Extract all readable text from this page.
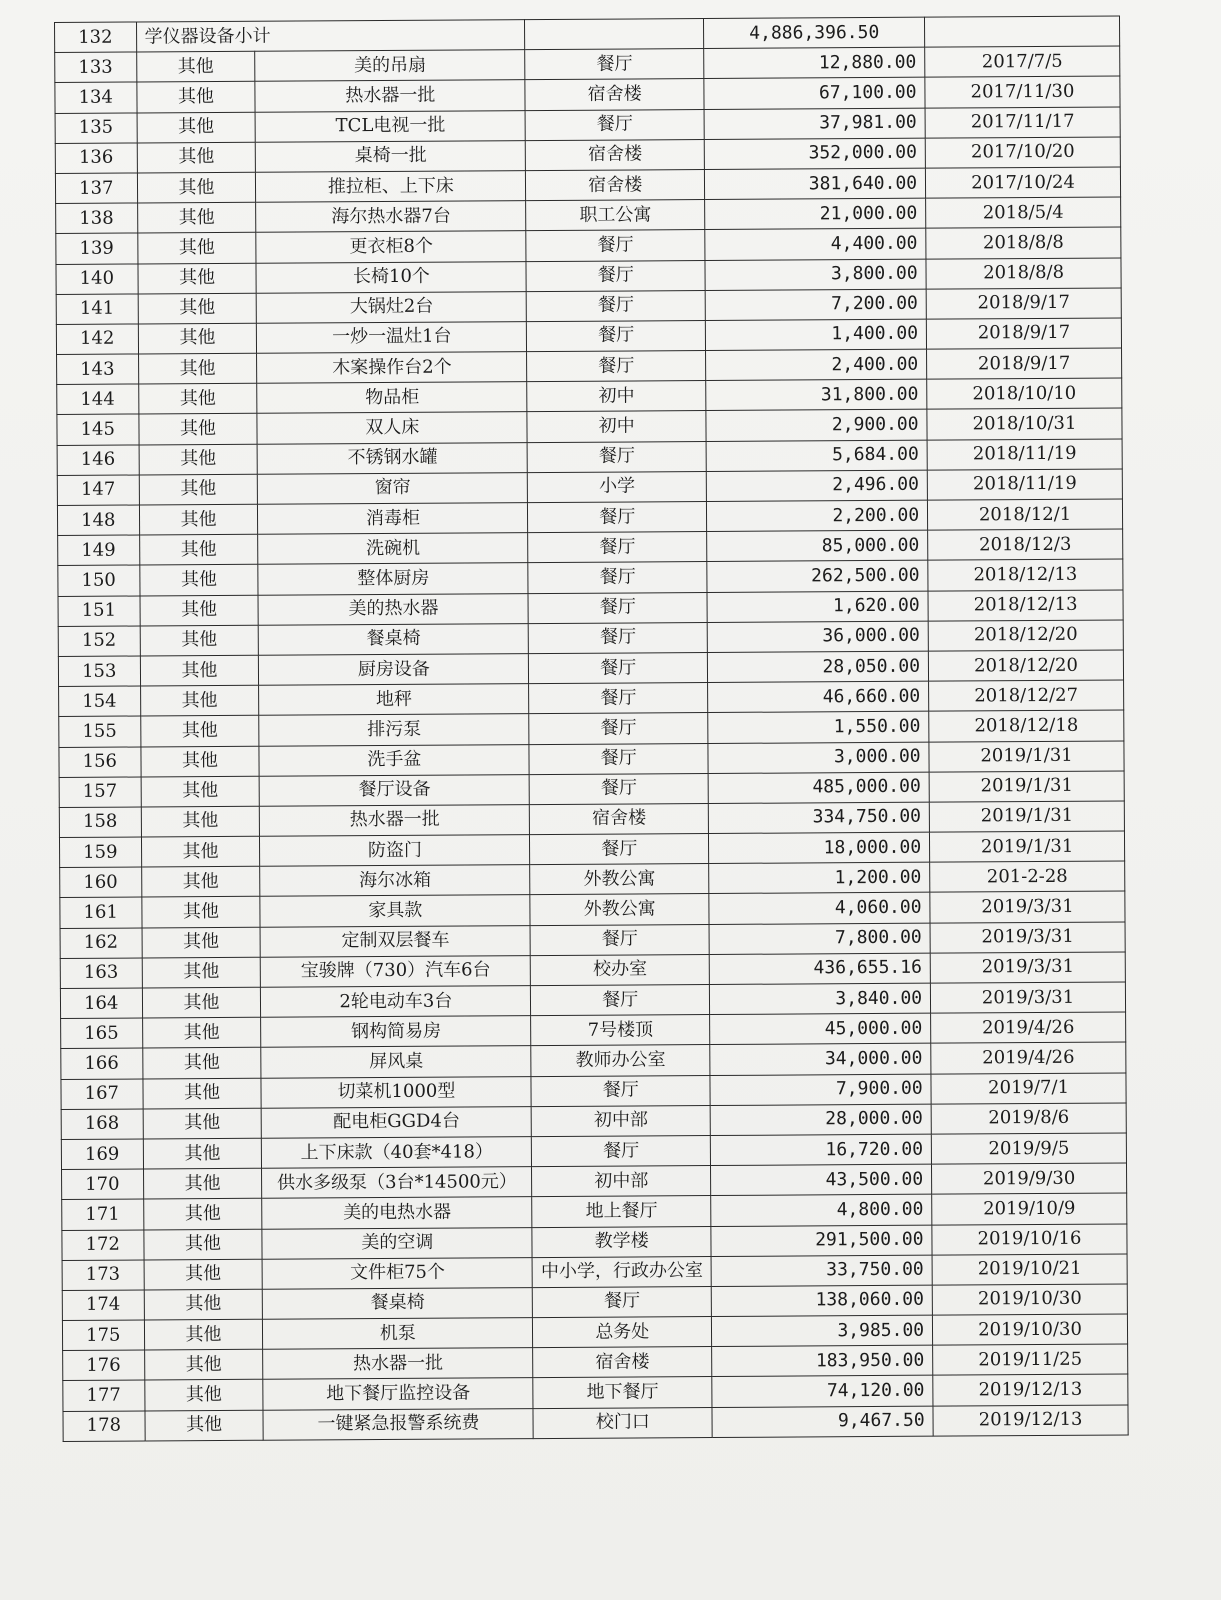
132	学仪器设备小计			4,886,396.50	
133	其他	美的吊扇	餐厅	12,880.00	2017/7/5
134	其他	热水器一批	宿舍楼	67,100.00	2017/11/30
135	其他	TCL电视一批	餐厅	37,981.00	2017/11/17
136	其他	桌椅一批	宿舍楼	352,000.00	2017/10/20
137	其他	推拉柜、上下床	宿舍楼	381,640.00	2017/10/24
138	其他	海尔热水器7台	职工公寓	21,000.00	2018/5/4
139	其他	更衣柜8个	餐厅	4,400.00	2018/8/8
140	其他	长椅10个	餐厅	3,800.00	2018/8/8
141	其他	大锅灶2台	餐厅	7,200.00	2018/9/17
142	其他	一炒一温灶1台	餐厅	1,400.00	2018/9/17
143	其他	木案操作台2个	餐厅	2,400.00	2018/9/17
144	其他	物品柜	初中	31,800.00	2018/10/10
145	其他	双人床	初中	2,900.00	2018/10/31
146	其他	不锈钢水罐	餐厅	5,684.00	2018/11/19
147	其他	窗帘	小学	2,496.00	2018/11/19
148	其他	消毒柜	餐厅	2,200.00	2018/12/1
149	其他	洗碗机	餐厅	85,000.00	2018/12/3
150	其他	整体厨房	餐厅	262,500.00	2018/12/13
151	其他	美的热水器	餐厅	1,620.00	2018/12/13
152	其他	餐桌椅	餐厅	36,000.00	2018/12/20
153	其他	厨房设备	餐厅	28,050.00	2018/12/20
154	其他	地秤	餐厅	46,660.00	2018/12/27
155	其他	排污泵	餐厅	1,550.00	2018/12/18
156	其他	洗手盆	餐厅	3,000.00	2019/1/31
157	其他	餐厅设备	餐厅	485,000.00	2019/1/31
158	其他	热水器一批	宿舍楼	334,750.00	2019/1/31
159	其他	防盗门	餐厅	18,000.00	2019/1/31
160	其他	海尔冰箱	外教公寓	1,200.00	201-2-28
161	其他	家具款	外教公寓	4,060.00	2019/3/31
162	其他	定制双层餐车	餐厅	7,800.00	2019/3/31
163	其他	宝骏牌（730）汽车6台	校办室	436,655.16	2019/3/31
164	其他	2轮电动车3台	餐厅	3,840.00	2019/3/31
165	其他	钢构简易房	7号楼顶	45,000.00	2019/4/26
166	其他	屏风桌	教师办公室	34,000.00	2019/4/26
167	其他	切菜机1000型	餐厅	7,900.00	2019/7/1
168	其他	配电柜GGD4台	初中部	28,000.00	2019/8/6
169	其他	上下床款（40套*418）	餐厅	16,720.00	2019/9/5
170	其他	供水多级泵（3台*14500元）	初中部	43,500.00	2019/9/30
171	其他	美的电热水器	地上餐厅	4,800.00	2019/10/9
172	其他	美的空调	教学楼	291,500.00	2019/10/16
173	其他	文件柜75个	中小学，行政办公室	33,750.00	2019/10/21
174	其他	餐桌椅	餐厅	138,060.00	2019/10/30
175	其他	机泵	总务处	3,985.00	2019/10/30
176	其他	热水器一批	宿舍楼	183,950.00	2019/11/25
177	其他	地下餐厅监控设备	地下餐厅	74,120.00	2019/12/13
178	其他	一键紧急报警系统费	校门口	9,467.50	2019/12/13
